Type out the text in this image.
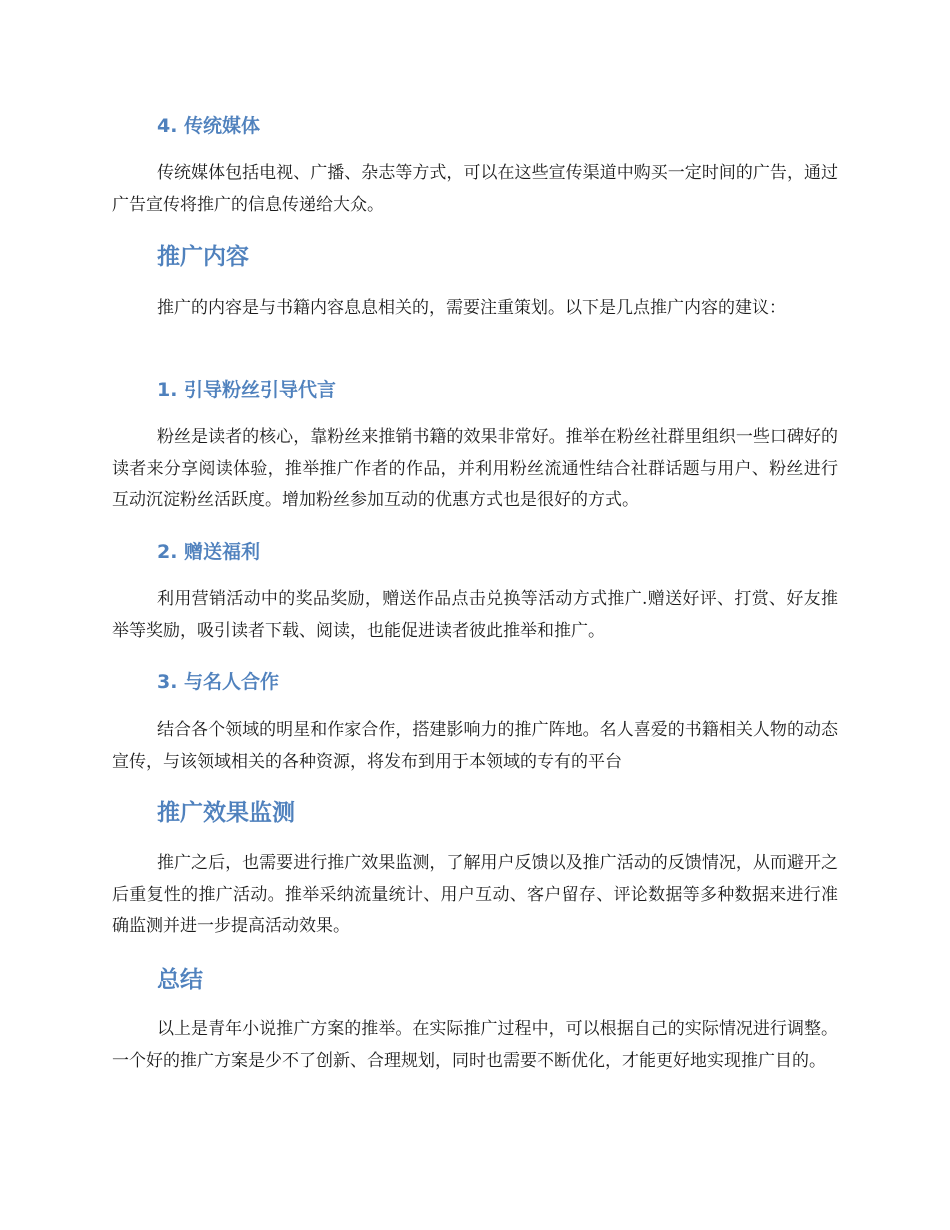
4. 传统媒体

传统媒体包括电视、广播、杂志等方式，可以在这些宣传渠道中购买一定时间的广告，通过广告宣传将推广的信息传递给大众。

推广内容

推广的内容是与书籍内容息息相关的，需要注重策划。以下是几点推广内容的建议：

1. 引导粉丝引导代言

粉丝是读者的核心，靠粉丝来推销书籍的效果非常好。推举在粉丝社群里组织一些口碑好的读者来分享阅读体验，推举推广作者的作品，并利用粉丝流通性结合社群话题与用户、粉丝进行互动沉淀粉丝活跃度。增加粉丝参加互动的优惠方式也是很好的方式。

2. 赠送福利

利用营销活动中的奖品奖励，赠送作品点击兑换等活动方式推广.赠送好评、打赏、好友推举等奖励，吸引读者下载、阅读，也能促进读者彼此推举和推广。

3. 与名人合作

结合各个领域的明星和作家合作，搭建影响力的推广阵地。名人喜爱的书籍相关人物的动态宣传，与该领域相关的各种资源，将发布到用于本领域的专有的平台

推广效果监测

推广之后，也需要进行推广效果监测，了解用户反馈以及推广活动的反馈情况，从而避开之后重复性的推广活动。推举采纳流量统计、用户互动、客户留存、评论数据等多种数据来进行准确监测并进一步提高活动效果。

总结

以上是青年小说推广方案的推举。在实际推广过程中，可以根据自己的实际情况进行调整。一个好的推广方案是少不了创新、合理规划，同时也需要不断优化，才能更好地实现推广目的。
